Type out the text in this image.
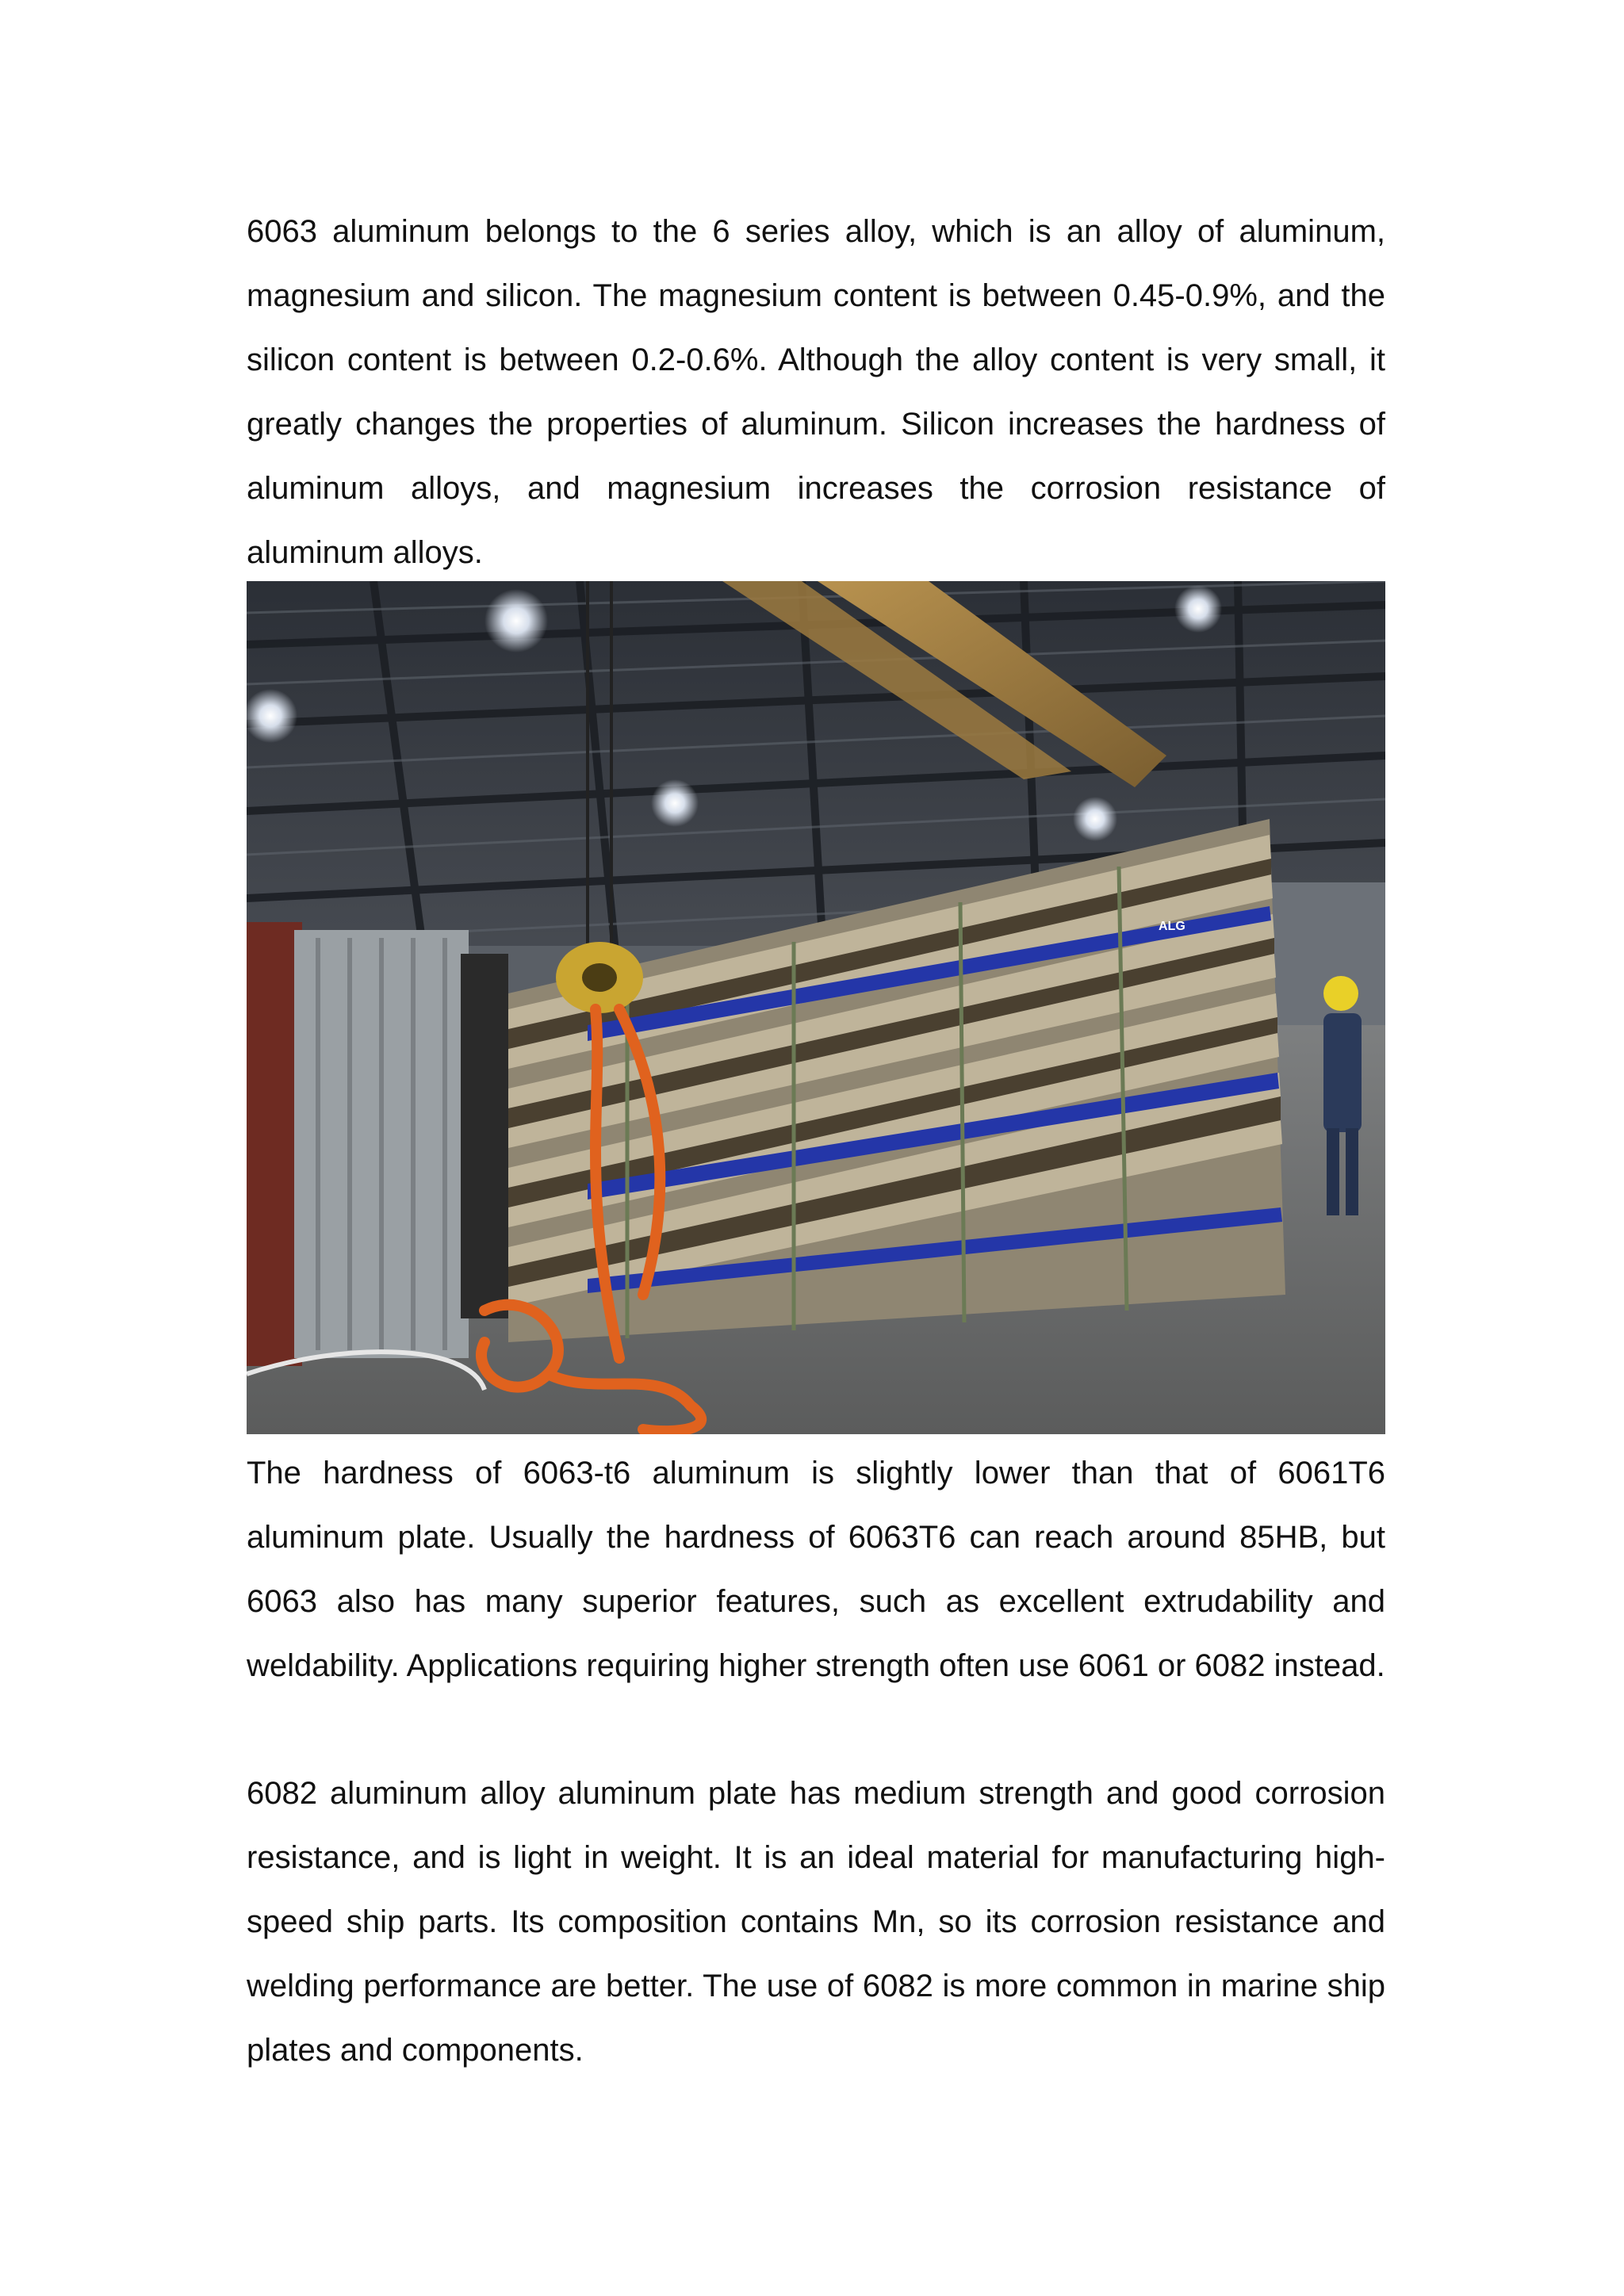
6063 aluminum belongs to the 6 series alloy, which is an alloy of aluminum, magnesium and silicon. The magnesium content is between 0.45-0.9%, and the silicon content is between 0.2-0.6%. Although the alloy content is very small, it greatly changes the properties of aluminum. Silicon increases the hardness of aluminum alloys, and magnesium increases the corrosion resistance of aluminum alloys.

ALG

The hardness of 6063-t6 aluminum is slightly lower than that of 6061T6 aluminum plate. Usually the hardness of 6063T6 can reach around 85HB, but 6063 also has many superior features, such as excellent extrudability and weldability. Applications requiring higher strength often use 6061 or 6082 instead.

6082 aluminum alloy aluminum plate has medium strength and good corrosion resistance, and is light in weight. It is an ideal material for manufacturing high-speed ship parts. Its composition contains Mn, so its corrosion resistance and welding performance are better. The use of 6082 is more common in marine ship plates and components.
